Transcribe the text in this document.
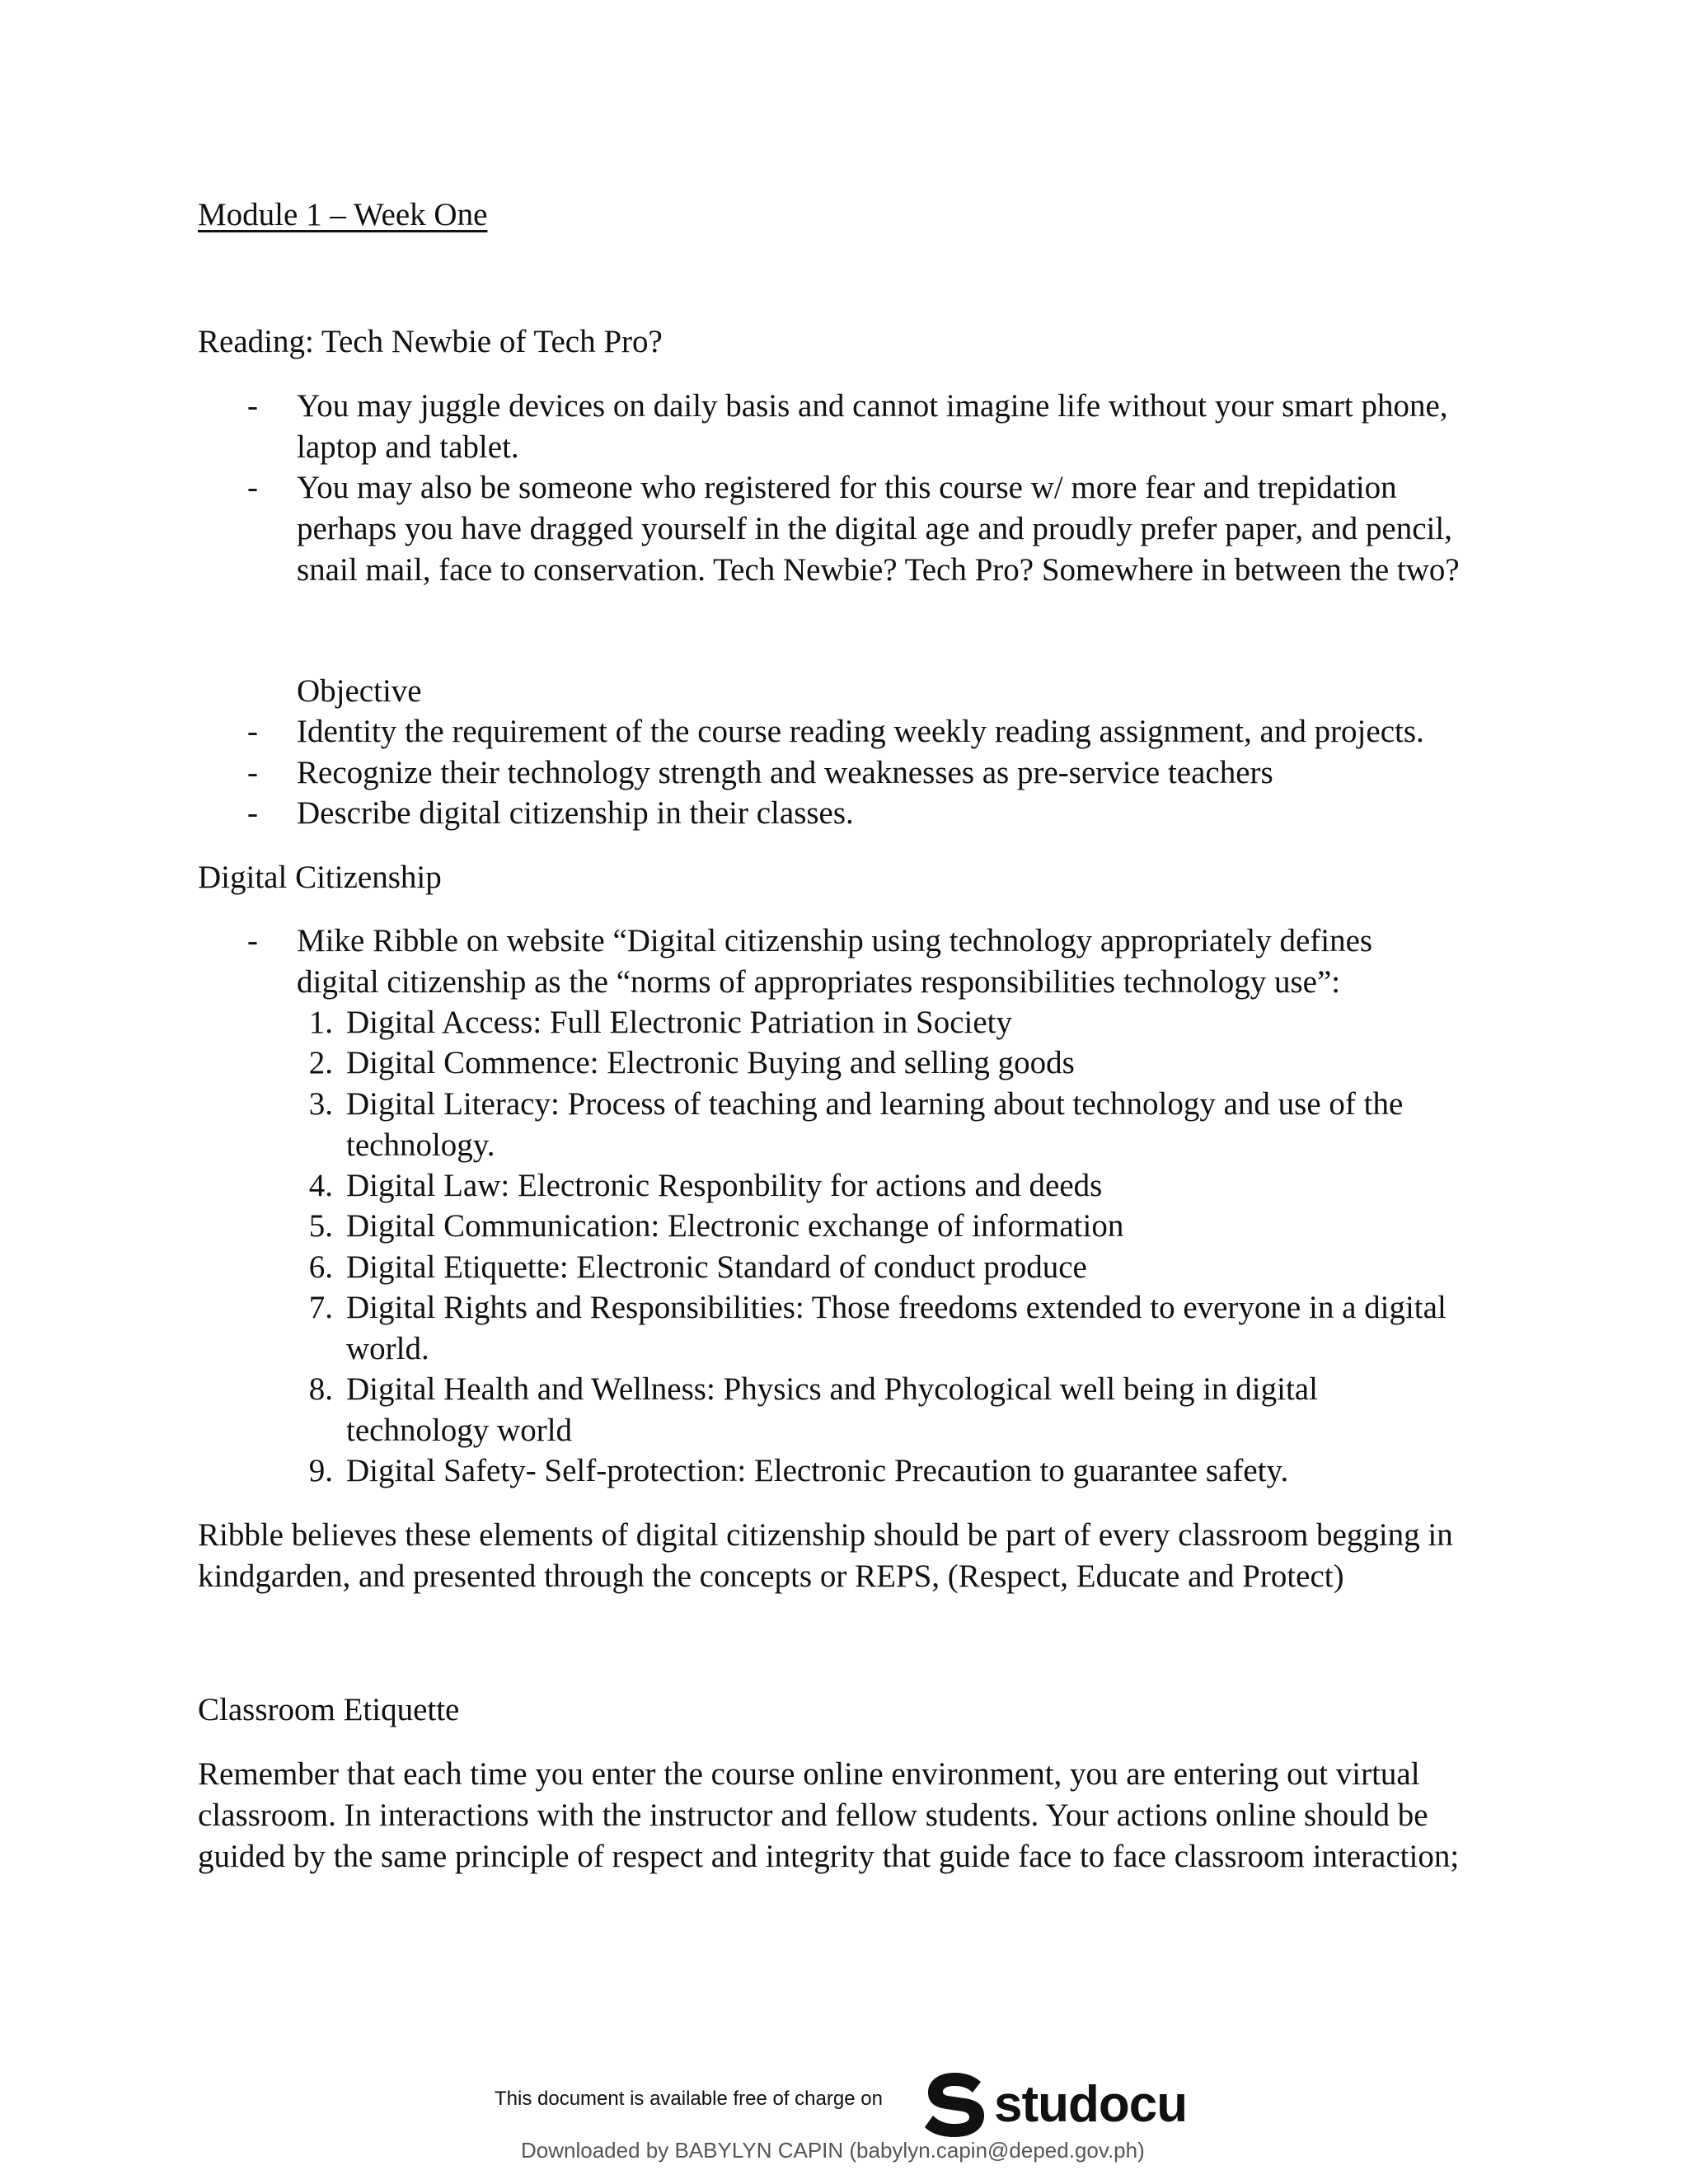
Module 1 – Week One

Reading: Tech Newbie of Tech Pro?

- You may juggle devices on daily basis and cannot imagine life without your smart phone, laptop and tablet.

- You may also be someone who registered for this course w/ more fear and trepidation perhaps you have dragged yourself in the digital age and proudly prefer paper, and pencil, snail mail, face to conservation. Tech Newbie? Tech Pro? Somewhere in between the two?

Objective

- Identity the requirement of the course reading weekly reading assignment, and projects.

- Recognize their technology strength and weaknesses as pre-service teachers

- Describe digital citizenship in their classes.

Digital Citizenship

- Mike Ribble on website “Digital citizenship using technology appropriately defines digital citizenship as the “norms of appropriates responsibilities technology use”:

1. Digital Access: Full Electronic Patriation in Society

2. Digital Commence: Electronic Buying and selling goods

3. Digital Literacy: Process of teaching and learning about technology and use of the technology.

4. Digital Law: Electronic Responbility for actions and deeds

5. Digital Communication: Electronic exchange of information

6. Digital Etiquette: Electronic Standard of conduct produce

7. Digital Rights and Responsibilities: Those freedoms extended to everyone in a digital world.

8. Digital Health and Wellness: Physics and Phycological well being in digital technology world

9. Digital Safety- Self-protection: Electronic Precaution to guarantee safety.

Ribble believes these elements of digital citizenship should be part of every classroom begging in kindgarden, and presented through the concepts or REPS, (Respect, Educate and Protect)

Classroom Etiquette

Remember that each time you enter the course online environment, you are entering out virtual classroom. In interactions with the instructor and fellow students. Your actions online should be guided by the same principle of respect and integrity that guide face to face classroom interaction;

This document is available free of charge on studocu
Downloaded by BABYLYN CAPIN (babylyn.capin@deped.gov.ph)
